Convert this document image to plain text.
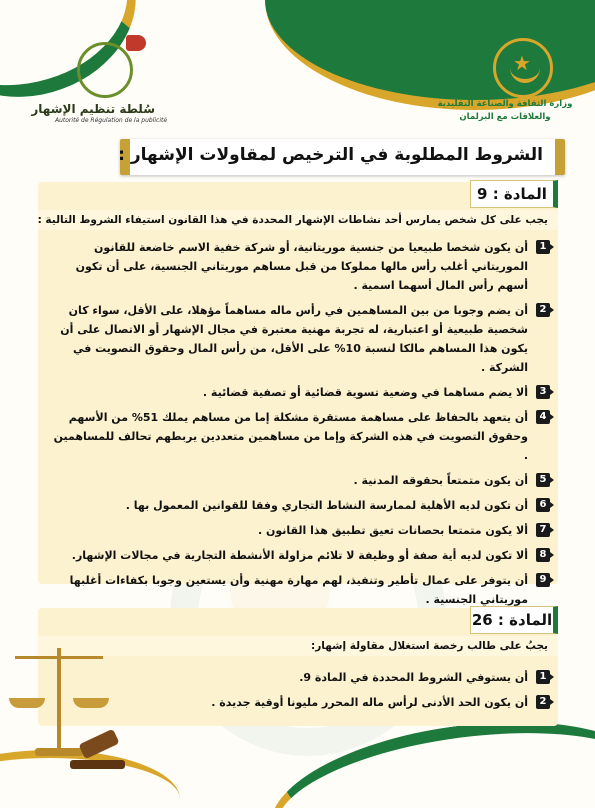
سُلطة تنظيم الإشهار
Autorité de Régulation de la publicité
★
وزارة الثقافة والصناعة التقليدية
والعلاقات مع البرلمان
الشروط المطلوبة في الترخيص لمقاولات الإشهار :
المادة : 9
يجب على كل شخص يمارس أحد نشاطات الإشهار المحددة في هذا القانون استيفاء الشروط التالية :
1
أن يكون شخصا طبيعيا من جنسية موريتانية، أو شركة خفية الاسم خاضعة للقانون الموريتاني أغلب رأس مالها مملوكا من قبل مساهم موريتاني الجنسية، على أن تكون أسهم رأس المال أسهما اسمية .
2
أن يضم وجوبا من بين المساهمين في رأس ماله مساهماً مؤهلا، على الأقل، سواء كان شخصية طبيعية أو اعتبارية، له تجربة مهنية معتبرة في مجال الإشهار أو الاتصال على أن يكون هذا المساهم مالكا لنسبة 10% على الأقل، من رأس المال وحقوق التصويت في الشركة .
3
ألا يضم مساهما في وضعية تسوية قضائية أو تصفية قضائية .
4
أن يتعهد بالحفاظ على مساهمة مستقرة مشكلة إما من مساهم يملك 51% من الأسهم وحقوق التصويت في هذه الشركة وإما من مساهمين متعددين يربطهم تحالف للمساهمين .
5
أن يكون متمتعاً بحقوقه المدنية .
6
أن تكون لديه الأهلية لممارسة النشاط التجاري وفقا للقوانين المعمول بها .
7
ألا يكون متمتعا بحصانات تعيق تطبيق هذا القانون .
8
ألا تكون لديه أية صفة أو وظيفة لا تلائم مزاولة الأنشطة التجارية في مجالات الإشهار.
9
أن يتوفر على عمال تأطير وتنفيذ، لهم مهارة مهنية وأن يستعين وجوبا بكفاءات أغلبها موريتاني الجنسية .
المادة : 26
يجبُ على طالب رخصة استغلال مقاولة إشهار:
1
أن يستوفي الشروط المحددة في المادة 9.
2
أن يكون الحد الأدنى لرأس ماله المحرر مليونا أوقية جديدة .
